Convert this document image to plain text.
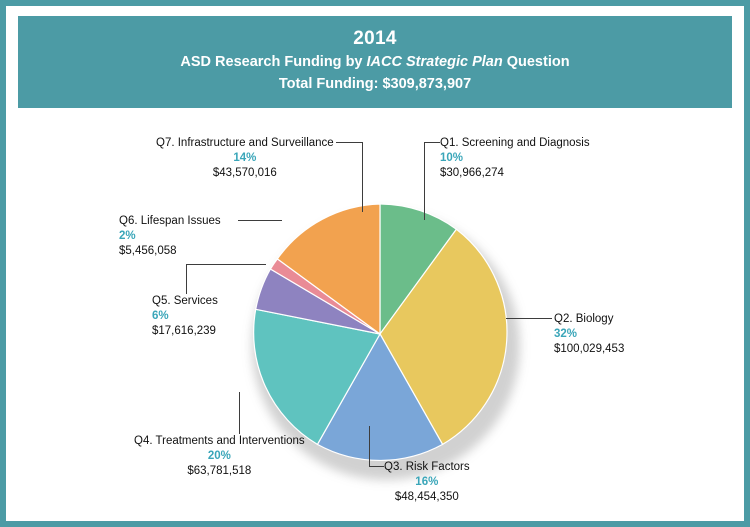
2014
ASD Research Funding by IACC Strategic Plan Question
Total Funding: $309,873,907
Q1. Screening and Diagnosis
10%
$30,966,274
Q2. Biology
32%
$100,029,453
Q3. Risk Factors
16%
$48,454,350
Q4. Treatments and Interventions
20%
$63,781,518
Q5. Services
6%
$17,616,239
Q6. Lifespan Issues
2%
$5,456,058
Q7. Infrastructure and Surveillance
14%
$43,570,016
